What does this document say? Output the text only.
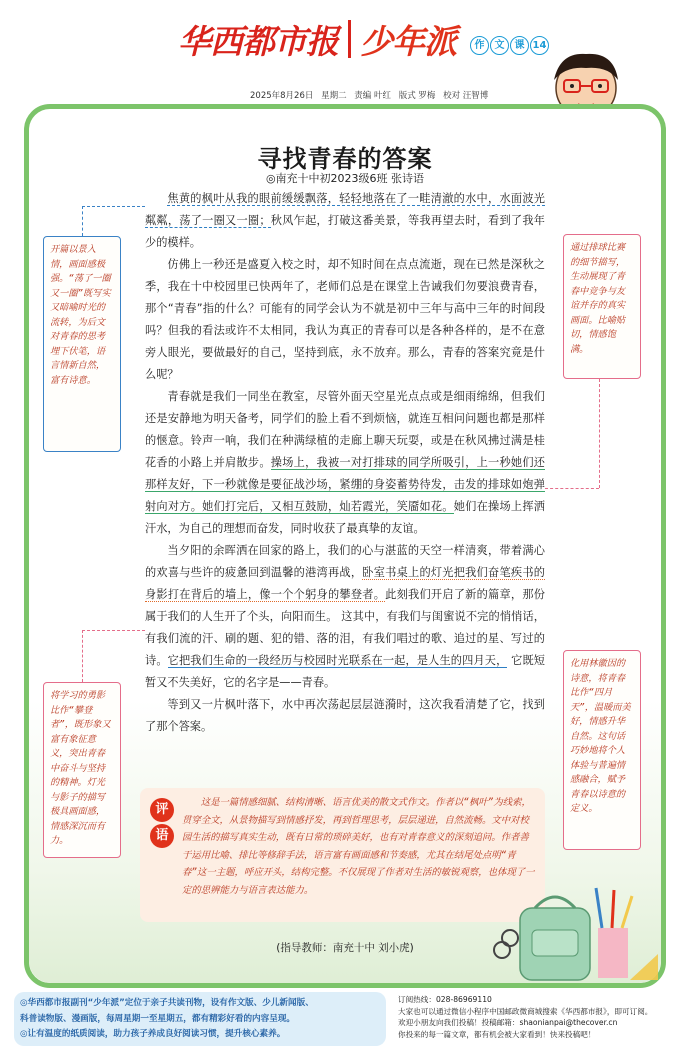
华西都市报 少年派	作 文 课 14
2025年8月26日 星期二 责编 叶红 版式 罗梅 校对 汪智博
寻找青春的答案
◎南充十中初2023级6班 张诗语

焦黄的枫叶从我的眼前缓缓飘落，轻轻地落在了一畦清澈的水中，水面波光粼粼，荡了一圈又一圈；秋风乍起，打破这番美景，等我再望去时，看到了我年少的模样。

仿佛上一秒还是盛夏入校之时，却不知时间在点点流逝，现在已然是深秋之季，我在十中校园里已快两年了，老师们总是在课堂上告诫我们勿要浪费青春，那个“青春”指的什么？可能有的同学会认为不就是初中三年与高中三年的时间段吗？但我的看法或许不太相同，我认为真正的青春可以是各种各样的，是不在意旁人眼光，要做最好的自己，坚持到底，永不放弃。那么，青春的答案究竟是什么呢？

青春就是我们一同坐在教室，尽管外面天空星光点点或是细雨绵绵，但我们还是安静地为明天备考，同学们的脸上看不到烦恼，就连互相问问题也都是那样的惬意。铃声一响，我们在种满绿植的走廊上聊天玩耍，或是在秋风拂过满是桂花香的小路上并肩散步。操场上，我被一对打排球的同学所吸引，上一秒她们还那样友好，下一秒就像是要征战沙场，紧绷的身姿蓄势待发，击发的排球如炮弹射向对方。她们打完后，又相互鼓励，灿若霞光，笑靥如花。她们在操场上挥洒汗水，为自己的理想而奋发，同时收获了最真挚的友谊。

当夕阳的余晖洒在回家的路上，我们的心与湛蓝的天空一样清爽，带着满心的欢喜与些许的疲惫回到温馨的港湾再战，卧室书桌上的灯光把我们奋笔疾书的身影打在背后的墙上，像一个个躬身的攀登者。此刻我们开启了新的篇章，那份属于我们的人生开了个头，向阳而生。 这其中，有我们与闺蜜说不完的悄悄话，有我们流的汗、刷的题、犯的错、落的泪，有我们唱过的歌、追过的星、写过的诗。它把我们生命的一段经历与校园时光联系在一起，是人生的四月天， 它既短暂又不失美好，它的名字是——青春。

等到又一片枫叶落下，水中再次荡起层层涟漪时，这次我看清楚了它，找到了那个答案。

开篇以景入情，画面感极强。“荡了一圈又一圈”既写实又暗喻时光的流转，为后文对青春的思考埋下伏笔，语言情新自然，富有诗意。
通过排球比赛的细节描写，生动展现了青春中竞争与友谊并存的真实画面。比喻贴切，情感饱满。
将学习的勇影比作“攀登者”，既形象又富有象征意义，突出青春中奋斗与坚持的精神。灯光与影子的描写极具画面感，情感深沉而有力。
化用林徽因的诗意，将青春比作“四月天”，温暖而美好，情感升华自然。这句话巧妙地将个人体验与普遍情感融合，赋予青春以诗意的定义。
评
语
这是一篇情感细腻、结构清晰、语言优美的散文式作文。作者以“枫叶”为线索，贯穿全文，从景物描写到情感抒发，再到哲理思考，层层递进，自然流畅。文中对校园生活的描写真实生动，既有日常的琐碎美好，也有对青春意义的深刻追问。作者善于运用比喻、排比等修辞手法，语言富有画面感和节奏感，尤其在结尾处点明“青春”这一主题，呼应开头，结构完整。不仅展现了作者对生活的敏锐观察，也体现了一定的思辨能力与语言表达能力。
(指导教师：南充十中 刘小虎)
◎华西都市报副刊“少年派”定位于亲子共读刊物，设有作文版、少儿新闻版、
科普读物版、漫画版，每周星期一至星期五，都有精彩好看的内容呈现。
◎让有温度的纸质阅读，助力孩子养成良好阅读习惯，提升核心素养。
订阅热线：028-86969110
大家也可以通过微信小程序中国邮政微商城搜索《华西都市报》，即可订阅。
欢迎小朋友向我们投稿！投稿邮箱：shaonianpai@thecover.cn
你投来的每一篇文章，都有机会被大家看到！快来投稿吧！
